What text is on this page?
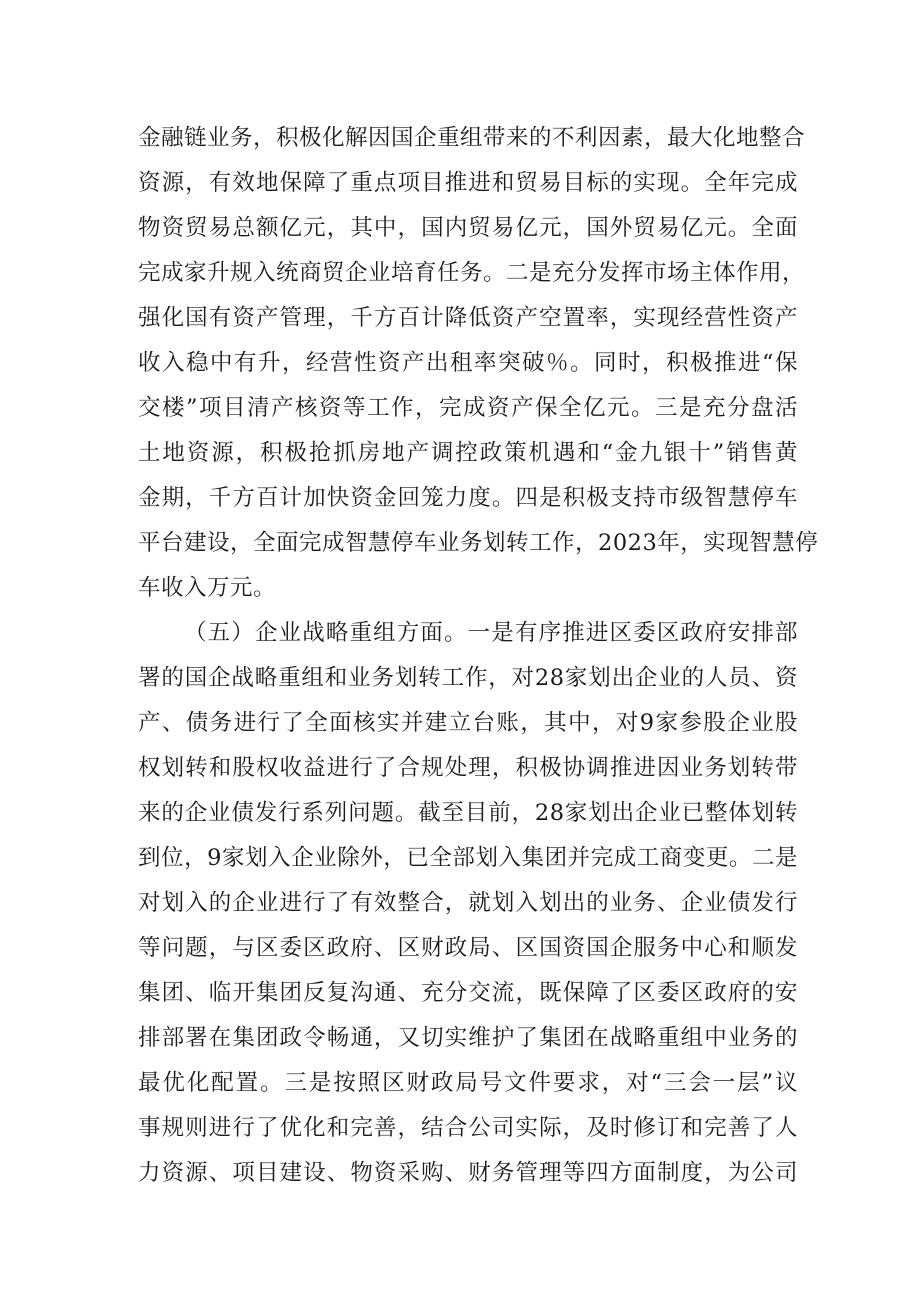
金融链业务，积极化解因国企重组带来的不利因素，最大化地整合
资源，有效地保障了重点项目推进和贸易目标的实现。全年完成
物资贸易总额亿元，其中，国内贸易亿元，国外贸易亿元。全面
完成家升规入统商贸企业培育任务。二是充分发挥市场主体作用，
强化国有资产管理，千方百计降低资产空置率，实现经营性资产
收入稳中有升，经营性资产出租率突破％。同时，积极推进“保
交楼”项目清产核资等工作，完成资产保全亿元。三是充分盘活
土地资源，积极抢抓房地产调控政策机遇和“金九银十”销售黄
金期，千方百计加快资金回笼力度。四是积极支持市级智慧停车
平台建设，全面完成智慧停车业务划转工作，2023年，实现智慧停
车收入万元。
（五）企业战略重组方面。一是有序推进区委区政府安排部
署的国企战略重组和业务划转工作，对28家划出企业的人员、资
产、债务进行了全面核实并建立台账，其中，对9家参股企业股
权划转和股权收益进行了合规处理，积极协调推进因业务划转带
来的企业债发行系列问题。截至目前，28家划出企业已整体划转
到位，9家划入企业除外，已全部划入集团并完成工商变更。二是
对划入的企业进行了有效整合，就划入划出的业务、企业债发行
等问题，与区委区政府、区财政局、区国资国企服务中心和顺发
集团、临开集团反复沟通、充分交流，既保障了区委区政府的安
排部署在集团政令畅通，又切实维护了集团在战略重组中业务的
最优化配置。三是按照区财政局号文件要求，对“三会一层”议
事规则进行了优化和完善，结合公司实际，及时修订和完善了人
力资源、项目建设、物资采购、财务管理等四方面制度，为公司
